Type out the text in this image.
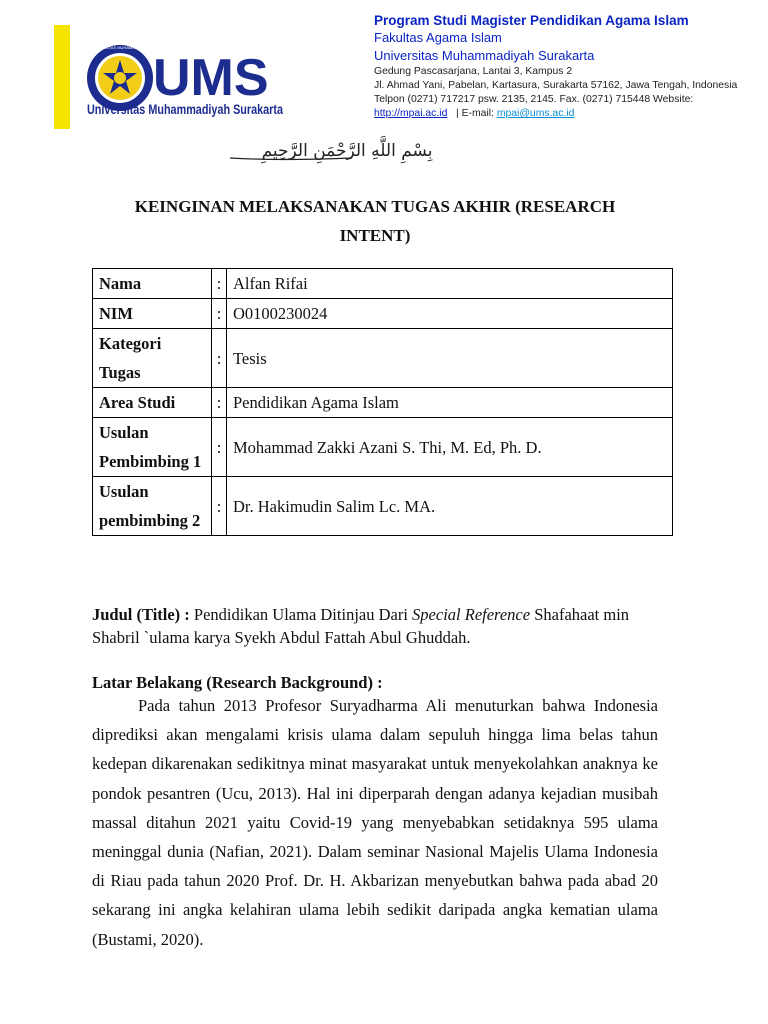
UNIVERSITAS MUHAMMADIYAH
UMS
Universitas Muhammadiyah Surakarta
Program Studi Magister Pendidikan Agama Islam
Fakultas Agama Islam
Universitas Muhammadiyah Surakarta
Gedung Pascasarjana, Lantai 3, Kampus 2
Jl. Ahmad Yani, Pabelan, Kartasura, Surakarta 57162, Jawa Tengah, Indonesia
Telpon (0271) 717217 psw. 2135, 2145. Fax. (0271) 715448 Website:
http://mpai.ac.id | E-mail: mpai@ums.ac.id
بِسْمِ اللَّهِ الرَّحْمَنِ الرَّحِيمِ
KEINGINAN MELAKSANAKAN TUGAS AKHIR (RESEARCH INTENT)
Nama	:	Alfan Rifai
NIM	:	O0100230024
Kategori Tugas	:	Tesis
Area Studi	:	Pendidikan Agama Islam
Usulan Pembimbing 1	:	Mohammad Zakki Azani S. Thi, M. Ed, Ph. D.
Usulan pembimbing 2	:	Dr. Hakimudin Salim Lc. MA.
Judul (Title) : Pendidikan Ulama Ditinjau Dari Special Reference Shafahaat min Shabril `ulama karya Syekh Abdul Fattah Abul Ghuddah.
Latar Belakang (Research Background) :
Pada tahun 2013 Profesor Suryadharma Ali menuturkan bahwa Indonesia diprediksi akan mengalami krisis ulama dalam sepuluh hingga lima belas tahun kedepan dikarenakan sedikitnya minat masyarakat untuk menyekolahkan anaknya ke pondok pesantren (Ucu, 2013). Hal ini diperparah dengan adanya kejadian musibah massal ditahun 2021 yaitu Covid-19 yang menyebabkan setidaknya 595 ulama meninggal dunia (Nafian, 2021). Dalam seminar Nasional Majelis Ulama Indonesia di Riau pada tahun 2020 Prof. Dr. H. Akbarizan menyebutkan bahwa pada abad 20 sekarang ini angka kelahiran ulama lebih sedikit daripada angka kematian ulama (Bustami, 2020).
